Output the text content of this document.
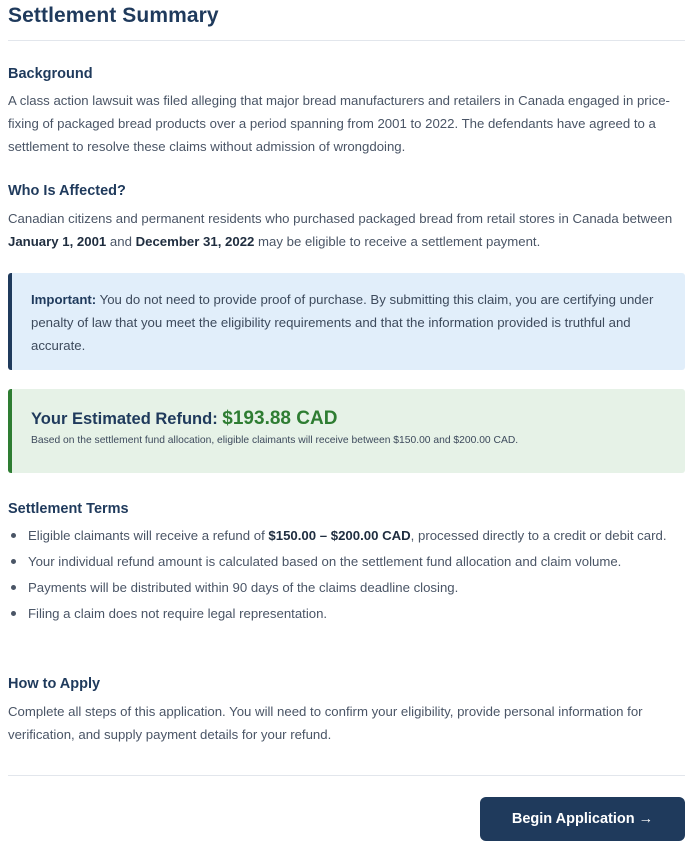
Settlement Summary
Background

A class action lawsuit was filed alleging that major bread manufacturers and retailers in Canada engaged in price-fixing of packaged bread products over a period spanning from 2001 to 2022. The defendants have agreed to a settlement to resolve these claims without admission of wrongdoing.

Who Is Affected?

Canadian citizens and permanent residents who purchased packaged bread from retail stores in Canada between January 1, 2001 and December 31, 2022 may be eligible to receive a settlement payment.

Important: You do not need to provide proof of purchase. By submitting this claim, you are certifying under penalty of law that you meet the eligibility requirements and that the information provided is truthful and accurate.

Your Estimated Refund: $193.88 CAD
Based on the settlement fund allocation, eligible claimants will receive between $150.00 and $200.00 CAD.
Settlement Terms
Eligible claimants will receive a refund of $150.00 – $200.00 CAD, processed directly to a credit or debit card.
Your individual refund amount is calculated based on the settlement fund allocation and claim volume.
Payments will be distributed within 90 days of the claims deadline closing.
Filing a claim does not require legal representation.
How to Apply

Complete all steps of this application. You will need to confirm your eligibility, provide personal information for verification, and supply payment details for your refund.

Begin Application →
